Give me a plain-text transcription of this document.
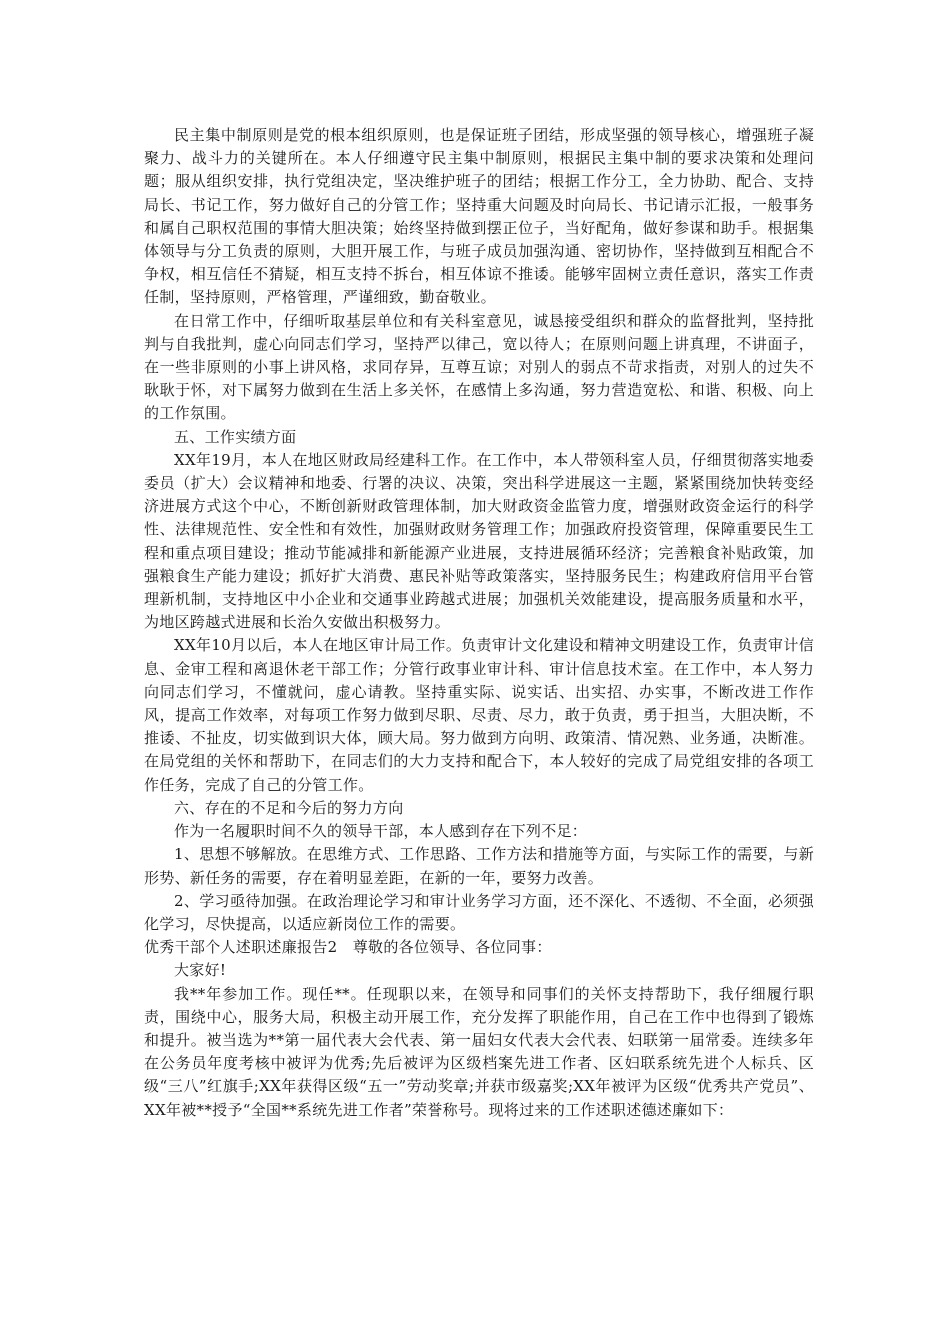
民主集中制原则是党的根本组织原则，也是保证班子团结，形成坚强的领导核心，增强班子凝聚力、战斗力的关键所在。本人仔细遵守民主集中制原则，根据民主集中制的要求决策和处理问题；服从组织安排，执行党组决定，坚决维护班子的团结；根据工作分工，全力协助、配合、支持局长、书记工作，努力做好自己的分管工作；坚持重大问题及时向局长、书记请示汇报，一般事务和属自己职权范围的事情大胆决策；始终坚持做到摆正位子，当好配角，做好参谋和助手。根据集体领导与分工负责的原则，大胆开展工作，与班子成员加强沟通、密切协作，坚持做到互相配合不争权，相互信任不猜疑，相互支持不拆台，相互体谅不推诿。能够牢固树立责任意识，落实工作责任制，坚持原则，严格管理，严谨细致，勤奋敬业。

在日常工作中，仔细听取基层单位和有关科室意见，诚恳接受组织和群众的监督批判，坚持批判与自我批判，虚心向同志们学习，坚持严以律己，宽以待人；在原则问题上讲真理，不讲面子，在一些非原则的小事上讲风格，求同存异，互尊互谅；对别人的弱点不苛求指责，对别人的过失不耿耿于怀，对下属努力做到在生活上多关怀，在感情上多沟通，努力营造宽松、和谐、积极、向上的工作氛围。

五、工作实绩方面

XX年19月，本人在地区财政局经建科工作。在工作中，本人带领科室人员，仔细贯彻落实地委委员（扩大）会议精神和地委、行署的决议、决策，突出科学进展这一主题，紧紧围绕加快转变经济进展方式这个中心，不断创新财政管理体制，加大财政资金监管力度，增强财政资金运行的科学性、法律规范性、安全性和有效性，加强财政财务管理工作；加强政府投资管理，保障重要民生工程和重点项目建设；推动节能减排和新能源产业进展，支持进展循环经济；完善粮食补贴政策，加强粮食生产能力建设；抓好扩大消费、惠民补贴等政策落实，坚持服务民生；构建政府信用平台管理新机制，支持地区中小企业和交通事业跨越式进展；加强机关效能建设，提高服务质量和水平，为地区跨越式进展和长治久安做出积极努力。

XX年10月以后，本人在地区审计局工作。负责审计文化建设和精神文明建设工作，负责审计信息、金审工程和离退休老干部工作；分管行政事业审计科、审计信息技术室。在工作中，本人努力向同志们学习，不懂就问，虚心请教。坚持重实际、说实话、出实招、办实事，不断改进工作作风，提高工作效率，对每项工作努力做到尽职、尽责、尽力，敢于负责，勇于担当，大胆决断，不推诿、不扯皮，切实做到识大体，顾大局。努力做到方向明、政策清、情况熟、业务通，决断准。在局党组的关怀和帮助下，在同志们的大力支持和配合下，本人较好的完成了局党组安排的各项工作任务，完成了自己的分管工作。

六、存在的不足和今后的努力方向

作为一名履职时间不久的领导干部，本人感到存在下列不足：

1、思想不够解放。在思维方式、工作思路、工作方法和措施等方面，与实际工作的需要，与新形势、新任务的需要，存在着明显差距，在新的一年，要努力改善。

2、学习亟待加强。在政治理论学习和审计业务学习方面，还不深化、不透彻、不全面，必须强化学习，尽快提高，以适应新岗位工作的需要。

优秀干部个人述职述廉报告2　尊敬的各位领导、各位同事：

大家好!

我**年参加工作。现任**。任现职以来，在领导和同事们的关怀支持帮助下，我仔细履行职责，围绕中心，服务大局，积极主动开展工作，充分发挥了职能作用，自己在工作中也得到了锻炼和提升。被当选为**第一届代表大会代表、第一届妇女代表大会代表、妇联第一届常委。连续多年在公务员年度考核中被评为优秀;先后被评为区级档案先进工作者、区妇联系统先进个人标兵、区级“三八”红旗手;XX年获得区级“五一”劳动奖章;并获市级嘉奖;XX年被评为区级“优秀共产党员”、XX年被**授予“全国**系统先进工作者”荣誉称号。现将过来的工作述职述德述廉如下：
